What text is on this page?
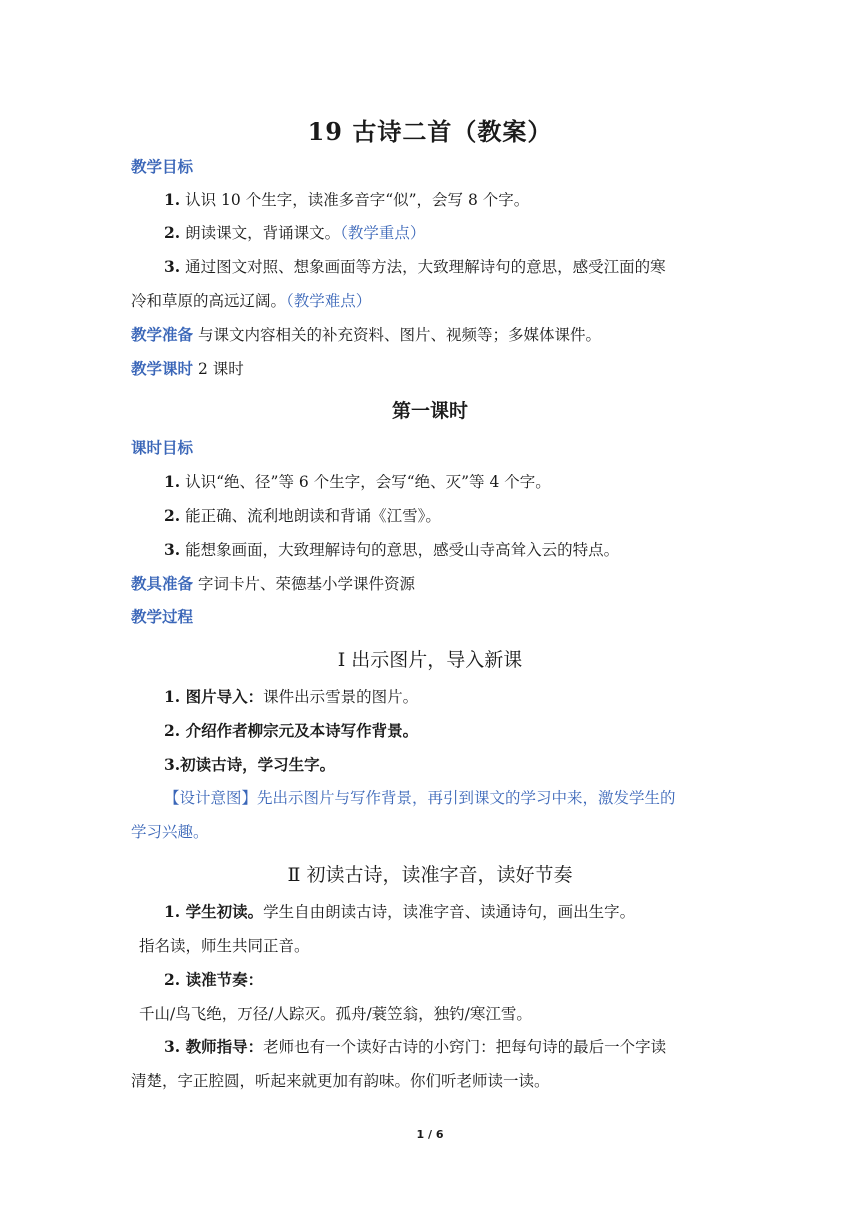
19 古诗二首（教案）
教学目标
1. 认识 10 个生字，读准多音字“似”，会写 8 个字。
2. 朗读课文，背诵课文。（教学重点）
3. 通过图文对照、想象画面等方法，大致理解诗句的意思，感受江面的寒
冷和草原的高远辽阔。（教学难点）
教学准备 与课文内容相关的补充资料、图片、视频等；多媒体课件。
教学课时 2 课时
第一课时
课时目标
1. 认识“绝、径”等 6 个生字，会写“绝、灭”等 4 个字。
2. 能正确、流利地朗读和背诵《江雪》。
3. 能想象画面，大致理解诗句的意思，感受山寺高耸入云的特点。
教具准备 字词卡片、荣德基小学课件资源
教学过程
Ⅰ 出示图片，导入新课
1. 图片导入：课件出示雪景的图片。
2. 介绍作者柳宗元及本诗写作背景。
3.初读古诗，学习生字。
【设计意图】先出示图片与写作背景，再引到课文的学习中来，激发学生的
学习兴趣。
Ⅱ 初读古诗，读准字音，读好节奏
1. 学生初读。学生自由朗读古诗，读准字音、读通诗句，画出生字。
指名读，师生共同正音。
2. 读准节奏：
千山/鸟飞绝，万径/人踪灭。孤舟/蓑笠翁，独钓/寒江雪。
3. 教师指导：老师也有一个读好古诗的小窍门：把每句诗的最后一个字读
清楚，字正腔圆，听起来就更加有韵味。你们听老师读一读。
1 / 6
